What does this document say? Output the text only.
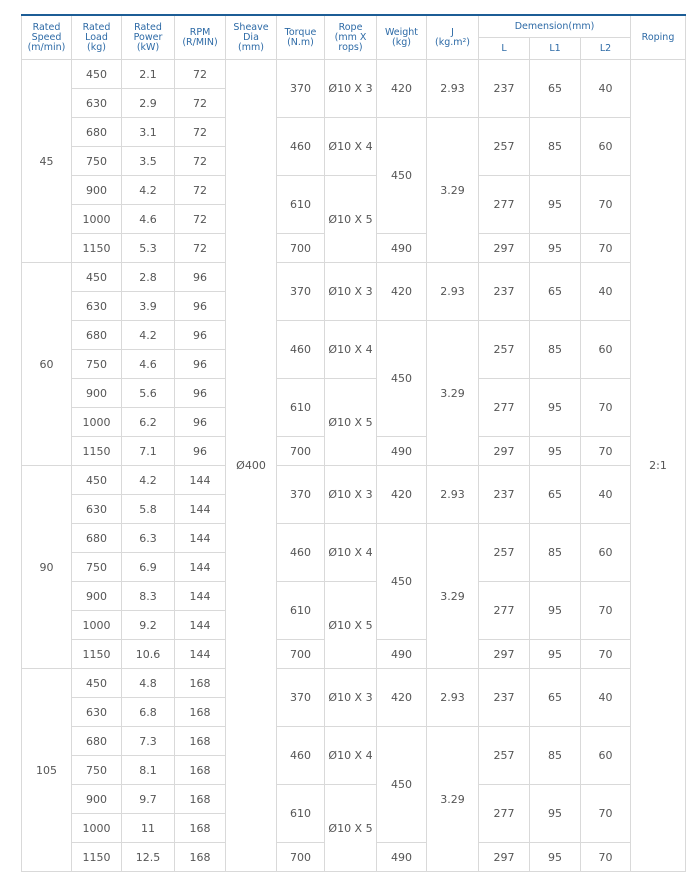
Rated
Speed
(m/min)	Rated
Load
(kg)	Rated
Power
(kW)	RPM
(R/MIN)	Sheave
Dia
(mm)	Torque
(N.m)	Rope
(mm X
rops)	Weight
(kg)	J
(kg.m²)	Demension(mm)			Roping
									L	L1	L2	
45	450	2.1	72	Ø400	370	Ø10 X 3	420	2.93	237	65	40	2:1
	630	2.9	72									
	680	3.1	72		460	Ø10 X 4	450	3.29	257	85	60	
	750	3.5	72									
	900	4.2	72		610	Ø10 X 5			277	95	70	
	1000	4.6	72									
	1150	5.3	72		700		490		297	95	70	
60	450	2.8	96		370	Ø10 X 3	420	2.93	237	65	40	
	630	3.9	96									
	680	4.2	96		460	Ø10 X 4	450	3.29	257	85	60	
	750	4.6	96									
	900	5.6	96		610	Ø10 X 5			277	95	70	
	1000	6.2	96									
	1150	7.1	96		700		490		297	95	70	
90	450	4.2	144		370	Ø10 X 3	420	2.93	237	65	40	
	630	5.8	144									
	680	6.3	144		460	Ø10 X 4	450	3.29	257	85	60	
	750	6.9	144									
	900	8.3	144		610	Ø10 X 5			277	95	70	
	1000	9.2	144									
	1150	10.6	144		700		490		297	95	70	
105	450	4.8	168		370	Ø10 X 3	420	2.93	237	65	40	
	630	6.8	168									
	680	7.3	168		460	Ø10 X 4	450	3.29	257	85	60	
	750	8.1	168									
	900	9.7	168		610	Ø10 X 5			277	95	70	
	1000	11	168									
	1150	12.5	168		700		490		297	95	70	
